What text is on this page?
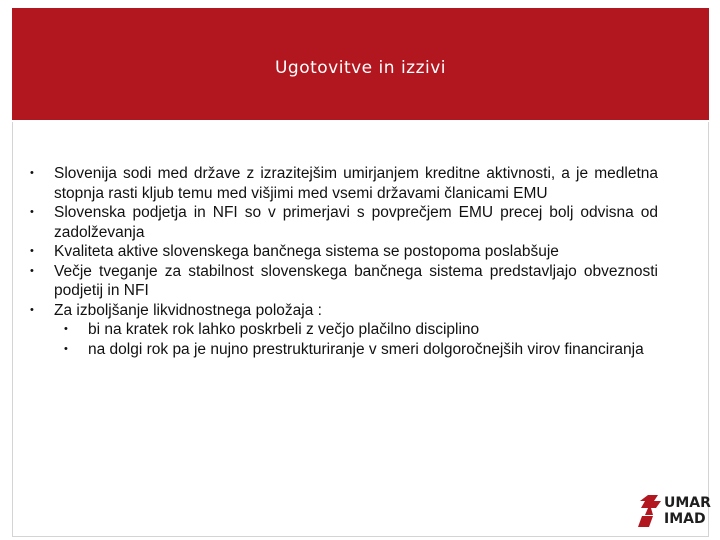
Ugotovitve in izzivi
• Slovenija sodi med države z izrazitejšim umirjanjem kreditne aktivnosti, a je medletna stopnja rasti kljub temu med višjimi med vsemi državami članicami EMU
• Slovenska podjetja in NFI so v primerjavi s povprečjem EMU precej bolj odvisna od zadolževanja
• Kvaliteta aktive slovenskega bančnega sistema se postopoma poslabšuje
• Večje tveganje za stabilnost slovenskega bančnega sistema predstavljajo obveznosti podjetij in NFI
• Za izboljšanje likvidnostnega položaja :
• bi na kratek rok lahko poskrbeli z večjo plačilno disciplino
• na dolgi rok pa je nujno prestrukturiranje v smeri dolgoročnejših virov financiranja
UMAR
IMAD
